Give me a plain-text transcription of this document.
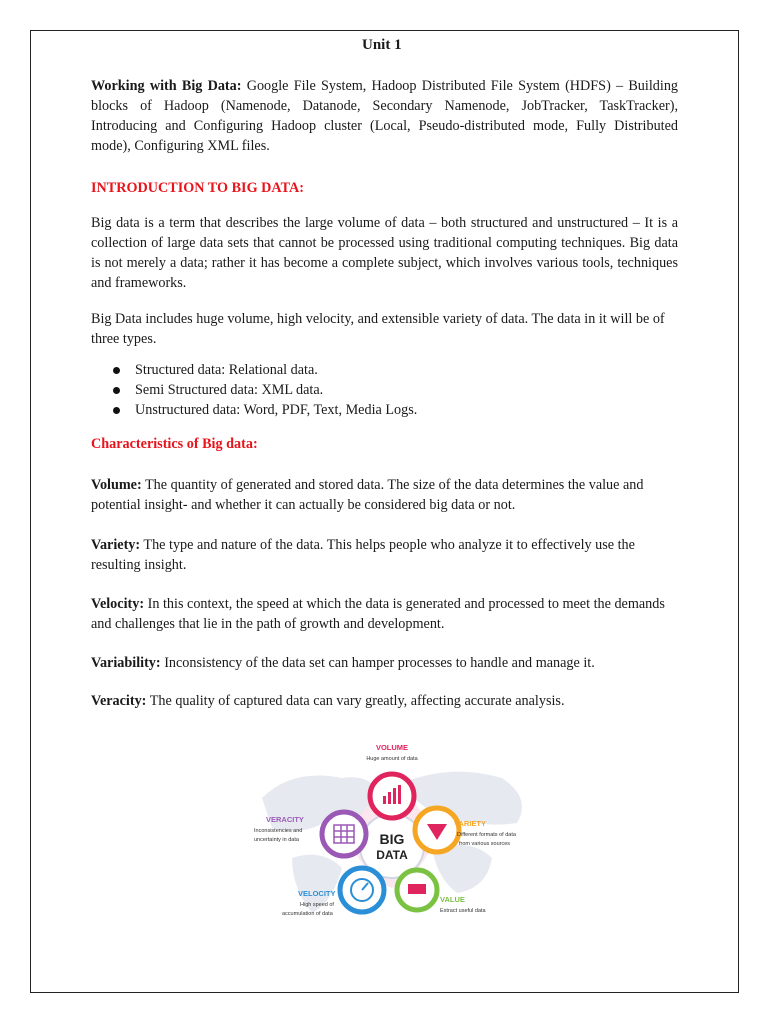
Unit 1

Working with Big Data: Google File System, Hadoop Distributed File System (HDFS) – Building blocks of Hadoop (Namenode, Datanode, Secondary Namenode, JobTracker, TaskTracker), Introducing and Configuring Hadoop cluster (Local, Pseudo-distributed mode, Fully Distributed mode), Configuring XML files.

INTRODUCTION TO BIG DATA:

Big data is a term that describes the large volume of data – both structured and unstructured – It is a collection of large data sets that cannot be processed using traditional computing techniques. Big data is not merely a data; rather it has become a complete subject, which involves various tools, techniques and frameworks.

Big Data includes huge volume, high velocity, and extensible variety of data. The data in it will be of three types.

Structured data: Relational data.
Semi Structured data: XML data.
Unstructured data: Word, PDF, Text, Media Logs.
Characteristics of Big data:

Volume: The quantity of generated and stored data. The size of the data determines the value and potential insight- and whether it can actually be considered big data or not.

Variety: The type and nature of the data. This helps people who analyze it to effectively use the resulting insight.

Velocity: In this context, the speed at which the data is generated and processed to meet the demands and challenges that lie in the path of growth and development.

Variability: Inconsistency of the data set can hamper processes to handle and manage it.

Veracity: The quality of captured data can vary greatly, affecting accurate analysis.

BIG
DATA
VOLUME
Huge amount of data
VARIETY
Different formats of data
from various sources
VALUE
Extract useful data
VELOCITY
High speed of
accumulation of data
VERACITY
Inconsistencies and
uncertainty in data
